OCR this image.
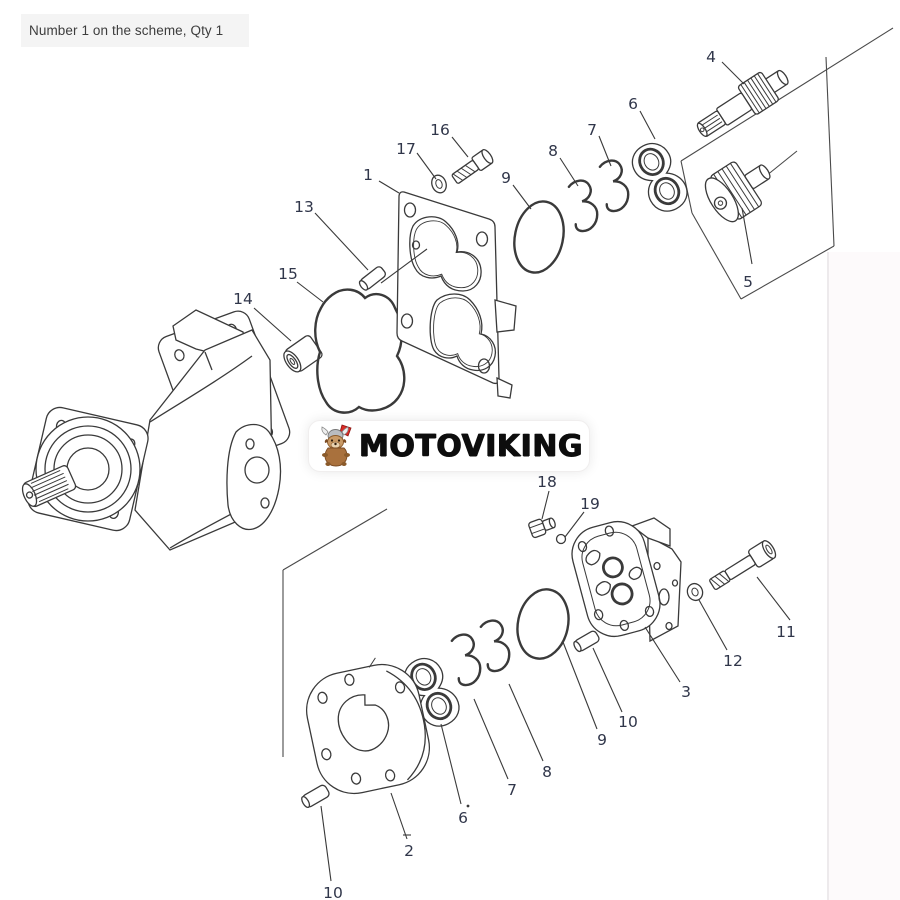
Number 1 on the scheme, Qty 1
4
6
7
8
16
17
9
1
13
15
14
5
18
19
11
12
3
10
9
8
7
6
2
10
MOTOVIKING
